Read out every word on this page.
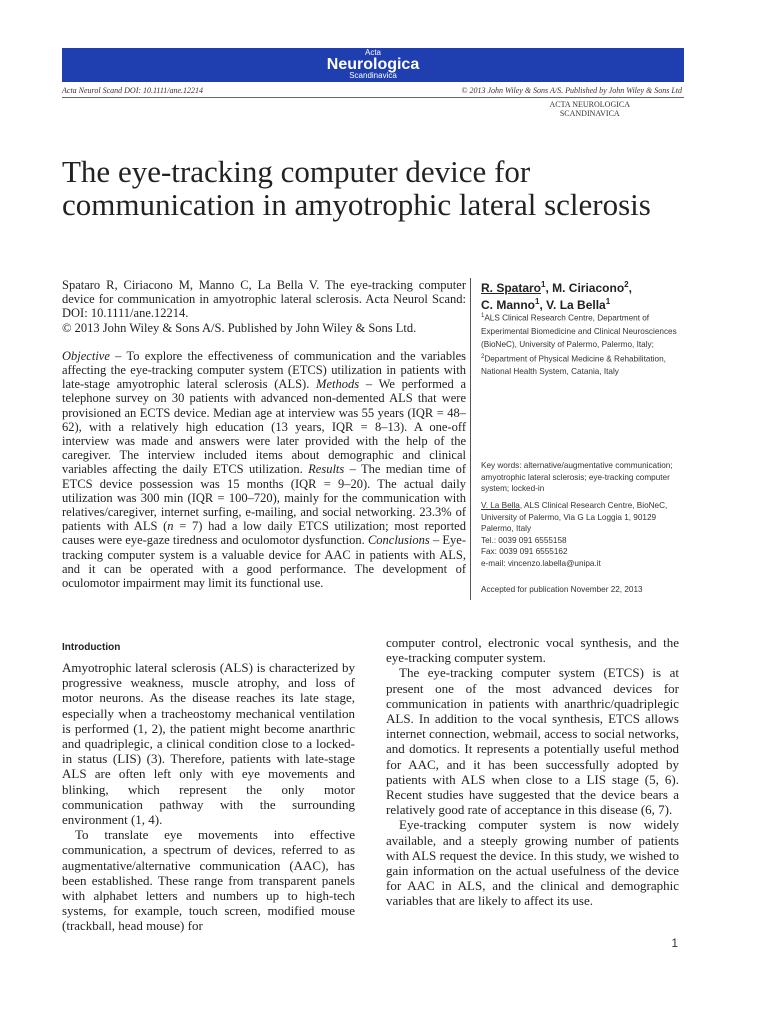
Acta
Neurologica
Scandinavica
Acta Neurol Scand DOI: 10.1111/ane.12214	© 2013 John Wiley & Sons A/S. Published by John Wiley & Sons Ltd
ACTA NEUROLOGICA
SCANDINAVICA
The eye-tracking computer device for communication in amyotrophic lateral sclerosis

Spataro R, Ciriacono M, Manno C, La Bella V. The eye-tracking computer device for communication in amyotrophic lateral sclerosis. Acta Neurol Scand: DOI: 10.1111/ane.12214.
© 2013 John Wiley & Sons A/S. Published by John Wiley & Sons Ltd.

Objective – To explore the effectiveness of communication and the variables affecting the eye-tracking computer system (ETCS) utilization in patients with late-stage amyotrophic lateral sclerosis (ALS). Methods – We performed a telephone survey on 30 patients with advanced non-demented ALS that were provisioned an ECTS device. Median age at interview was 55 years (IQR = 48–62), with a relatively high education (13 years, IQR = 8–13). A one-off interview was made and answers were later provided with the help of the caregiver. The interview included items about demographic and clinical variables affecting the daily ETCS utilization. Results – The median time of ETCS device possession was 15 months (IQR = 9–20). The actual daily utilization was 300 min (IQR = 100–720), mainly for the communication with relatives/caregiver, internet surfing, e-mailing, and social networking. 23.3% of patients with ALS (n = 7) had a low daily ETCS utilization; most reported causes were eye-gaze tiredness and oculomotor dysfunction. Conclusions – Eye-tracking computer system is a valuable device for AAC in patients with ALS, and it can be operated with a good performance. The development of oculomotor impairment may limit its functional use.

R. Spataro$^1$, M. Ciriacono$^2$,
C. Manno$^1$, V. La Bella$^1$
$^1$ALS Clinical Research Centre, Department of Experimental Biomedicine and Clinical Neurosciences (BioNeC), University of Palermo, Palermo, Italy;
$^2$Department of Physical Medicine & Rehabilitation, National Health System, Catania, Italy
Key words: alternative/augmentative communication; amyotrophic lateral sclerosis; eye-tracking computer system; locked-in
V. La Bella, ALS Clinical Research Centre, BioNeC, University of Palermo, Via G La Loggia 1, 90129 Palermo, Italy
Tel.: 0039 091 6555158
Fax: 0039 091 6555162
e-mail: vincenzo.labella@unipa.it
Accepted for publication November 22, 2013
Introduction

Amyotrophic lateral sclerosis (ALS) is characterized by progressive weakness, muscle atrophy, and loss of motor neurons. As the disease reaches its late stage, especially when a tracheostomy mechanical ventilation is performed (1, 2), the patient might become anarthric and quadriplegic, a clinical condition close to a locked-in status (LIS) (3). Therefore, patients with late-stage ALS are often left only with eye movements and blinking, which represent the only motor communication pathway with the surrounding environment (1, 4).

To translate eye movements into effective communication, a spectrum of devices, referred to as augmentative/alternative communication (AAC), has been established. These range from transparent panels with alphabet letters and numbers up to high-tech systems, for example, touch screen, modified mouse (trackball, head mouse) for

computer control, electronic vocal synthesis, and the eye-tracking computer system.

The eye-tracking computer system (ETCS) is at present one of the most advanced devices for communication in patients with anarthric/quadriplegic ALS. In addition to the vocal synthesis, ETCS allows internet connection, webmail, access to social networks, and domotics. It represents a potentially useful method for AAC, and it has been successfully adopted by patients with ALS when close to a LIS stage (5, 6). Recent studies have suggested that the device bears a relatively good rate of acceptance in this disease (6, 7).

Eye-tracking computer system is now widely available, and a steeply growing number of patients with ALS request the device. In this study, we wished to gain information on the actual usefulness of the device for AAC in ALS, and the clinical and demographic variables that are likely to affect its use.

1
